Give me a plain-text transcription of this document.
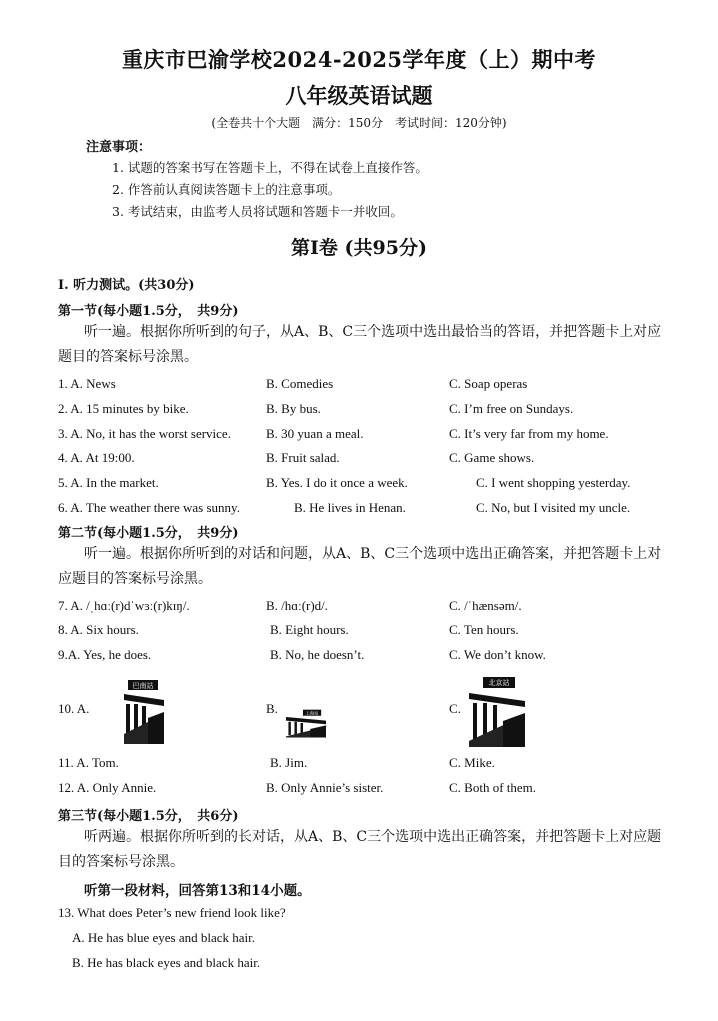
重庆市巴渝学校2024-2025学年度（上）期中考
八年级英语试题
(全卷共十个大题　满分：150分　考试时间：120分钟)
注意事项：
1. 试题的答案书写在答题卡上，不得在试卷上直接作答。
2. 作答前认真阅读答题卡上的注意事项。
3. 考试结束，由监考人员将试题和答题卡一并收回。
第Ⅰ卷 (共95分)
Ⅰ. 听力测试。(共30分)
第一节(每小题1.5分，　共9分)
听一遍。根据你所听到的句子，从A、B、C三个选项中选出最恰当的答语，并把答题卡上对应题目的答案标号涂黑。
1. A. News	B. Comedies	C. Soap operas
2. A. 15 minutes by bike.	B. By bus.	C. I’m free on Sundays.
3. A. No, it has the worst service.	B. 30 yuan a meal.	C. It’s very far from my home.
4. A. At 19:00.	B. Fruit salad.	C. Game shows.
5. A. In the market.	B. Yes. I do it once a week.	C. I went shopping yesterday.
6. A. The weather there was sunny.	B. He lives in Henan.	C. No, but I visited my uncle.
第二节(每小题1.5分，　共9分)
听一遍。根据你所听到的对话和问题，从A、B、C三个选项中选出正确答案，并把答题卡上对应题目的答案标号涂黑。
7. A. /ˌhɑː(r)dˈwɜː(r)kɪŋ/.	B. /hɑː(r)d/.	C. /ˈhænsəm/.
8. A. Six hours.	B. Eight hours.	C. Ten hours.
9.A. Yes, he does.	B. No, he doesn’t.	C. We don’t know.
10. A.	B.	C.
巴南站
上海站
北京站
11. A. Tom.	B. Jim.	C. Mike.
12. A. Only Annie.	B. Only Annie’s sister.	C. Both of them.
第三节(每小题1.5分，　共6分)
听两遍。根据你所听到的长对话，从A、B、C三个选项中选出正确答案，并把答题卡上对应题目的答案标号涂黑。
听第一段材料，回答第13和14小题。
13. What does Peter’s new friend look like?
A. He has blue eyes and black hair.
B. He has black eyes and black hair.
